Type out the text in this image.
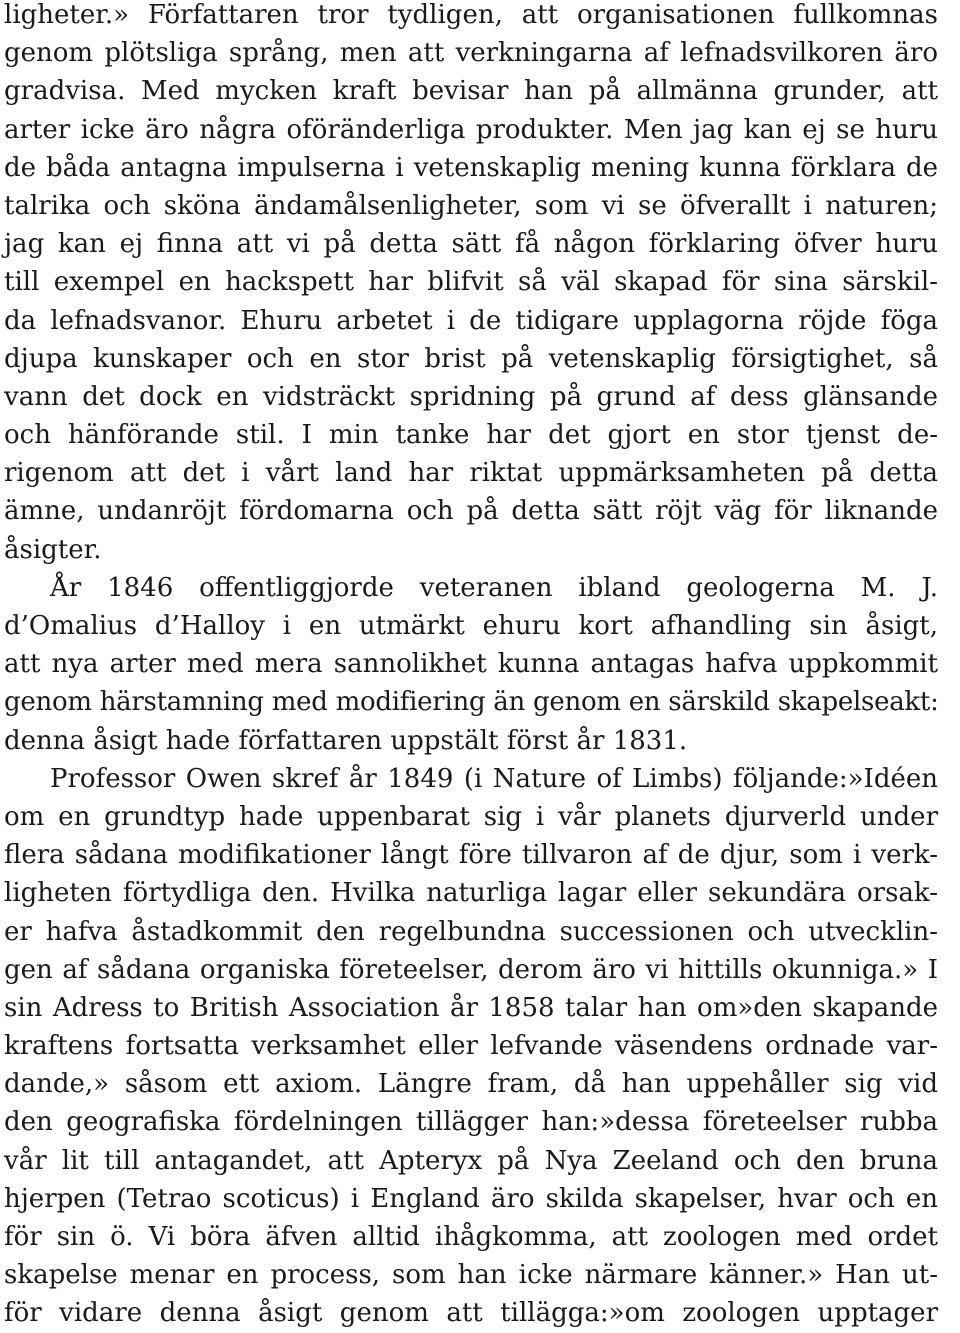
ligheter.» Författaren tror tydligen, att organisationen fullkomnas
genom plötsliga språng, men att verkningarna af lefnadsvilkoren äro
gradvisa. Med mycken kraft bevisar han på allmänna grunder, att
arter icke äro några oföränderliga produkter. Men jag kan ej se huru
de båda antagna impulserna i vetenskaplig mening kunna förklara de
talrika och sköna ändamålsenligheter, som vi se öfverallt i naturen;
jag kan ej finna att vi på detta sätt få någon förklaring öfver huru
till exempel en hackspett har blifvit så väl skapad för sina särskil-
da lefnadsvanor. Ehuru arbetet i de tidigare upplagorna röjde föga
djupa kunskaper och en stor brist på vetenskaplig försigtighet, så
vann det dock en vidsträckt spridning på grund af dess glänsande
och hänförande stil. I min tanke har det gjort en stor tjenst de-
rigenom att det i vårt land har riktat uppmärksamheten på detta
ämne, undanröjt fördomarna och på detta sätt röjt väg för liknande
åsigter.
År 1846 offentliggjorde veteranen ibland geologerna M. J.
d’Omalius d’Halloy i en utmärkt ehuru kort afhandling sin åsigt,
att nya arter med mera sannolikhet kunna antagas hafva uppkommit
genom härstamning med modifiering än genom en särskild skapelseakt:
denna åsigt hade författaren uppstält först år 1831.
Professor Owen skref år 1849 (i Nature of Limbs) följande:»Idéen
om en grundtyp hade uppenbarat sig i vår planets djurverld under
flera sådana modifikationer långt före tillvaron af de djur, som i verk-
ligheten förtydliga den. Hvilka naturliga lagar eller sekundära orsak-
er hafva åstadkommit den regelbundna successionen och utvecklin-
gen af sådana organiska företeelser, derom äro vi hittills okunniga.» I
sin Adress to British Association år 1858 talar han om»den skapande
kraftens fortsatta verksamhet eller lefvande väsendens ordnade var-
dande,» såsom ett axiom. Längre fram, då han uppehåller sig vid
den geografiska fördelningen tillägger han:»dessa företeelser rubba
vår lit till antagandet, att Apteryx på Nya Zeeland och den bruna
hjerpen (Tetrao scoticus) i England äro skilda skapelser, hvar och en
för sin ö. Vi böra äfven alltid ihågkomma, att zoologen med ordet
skapelse menar en process, som han icke närmare känner.» Han ut-
för vidare denna åsigt genom att tillägga:»om zoologen upptager
